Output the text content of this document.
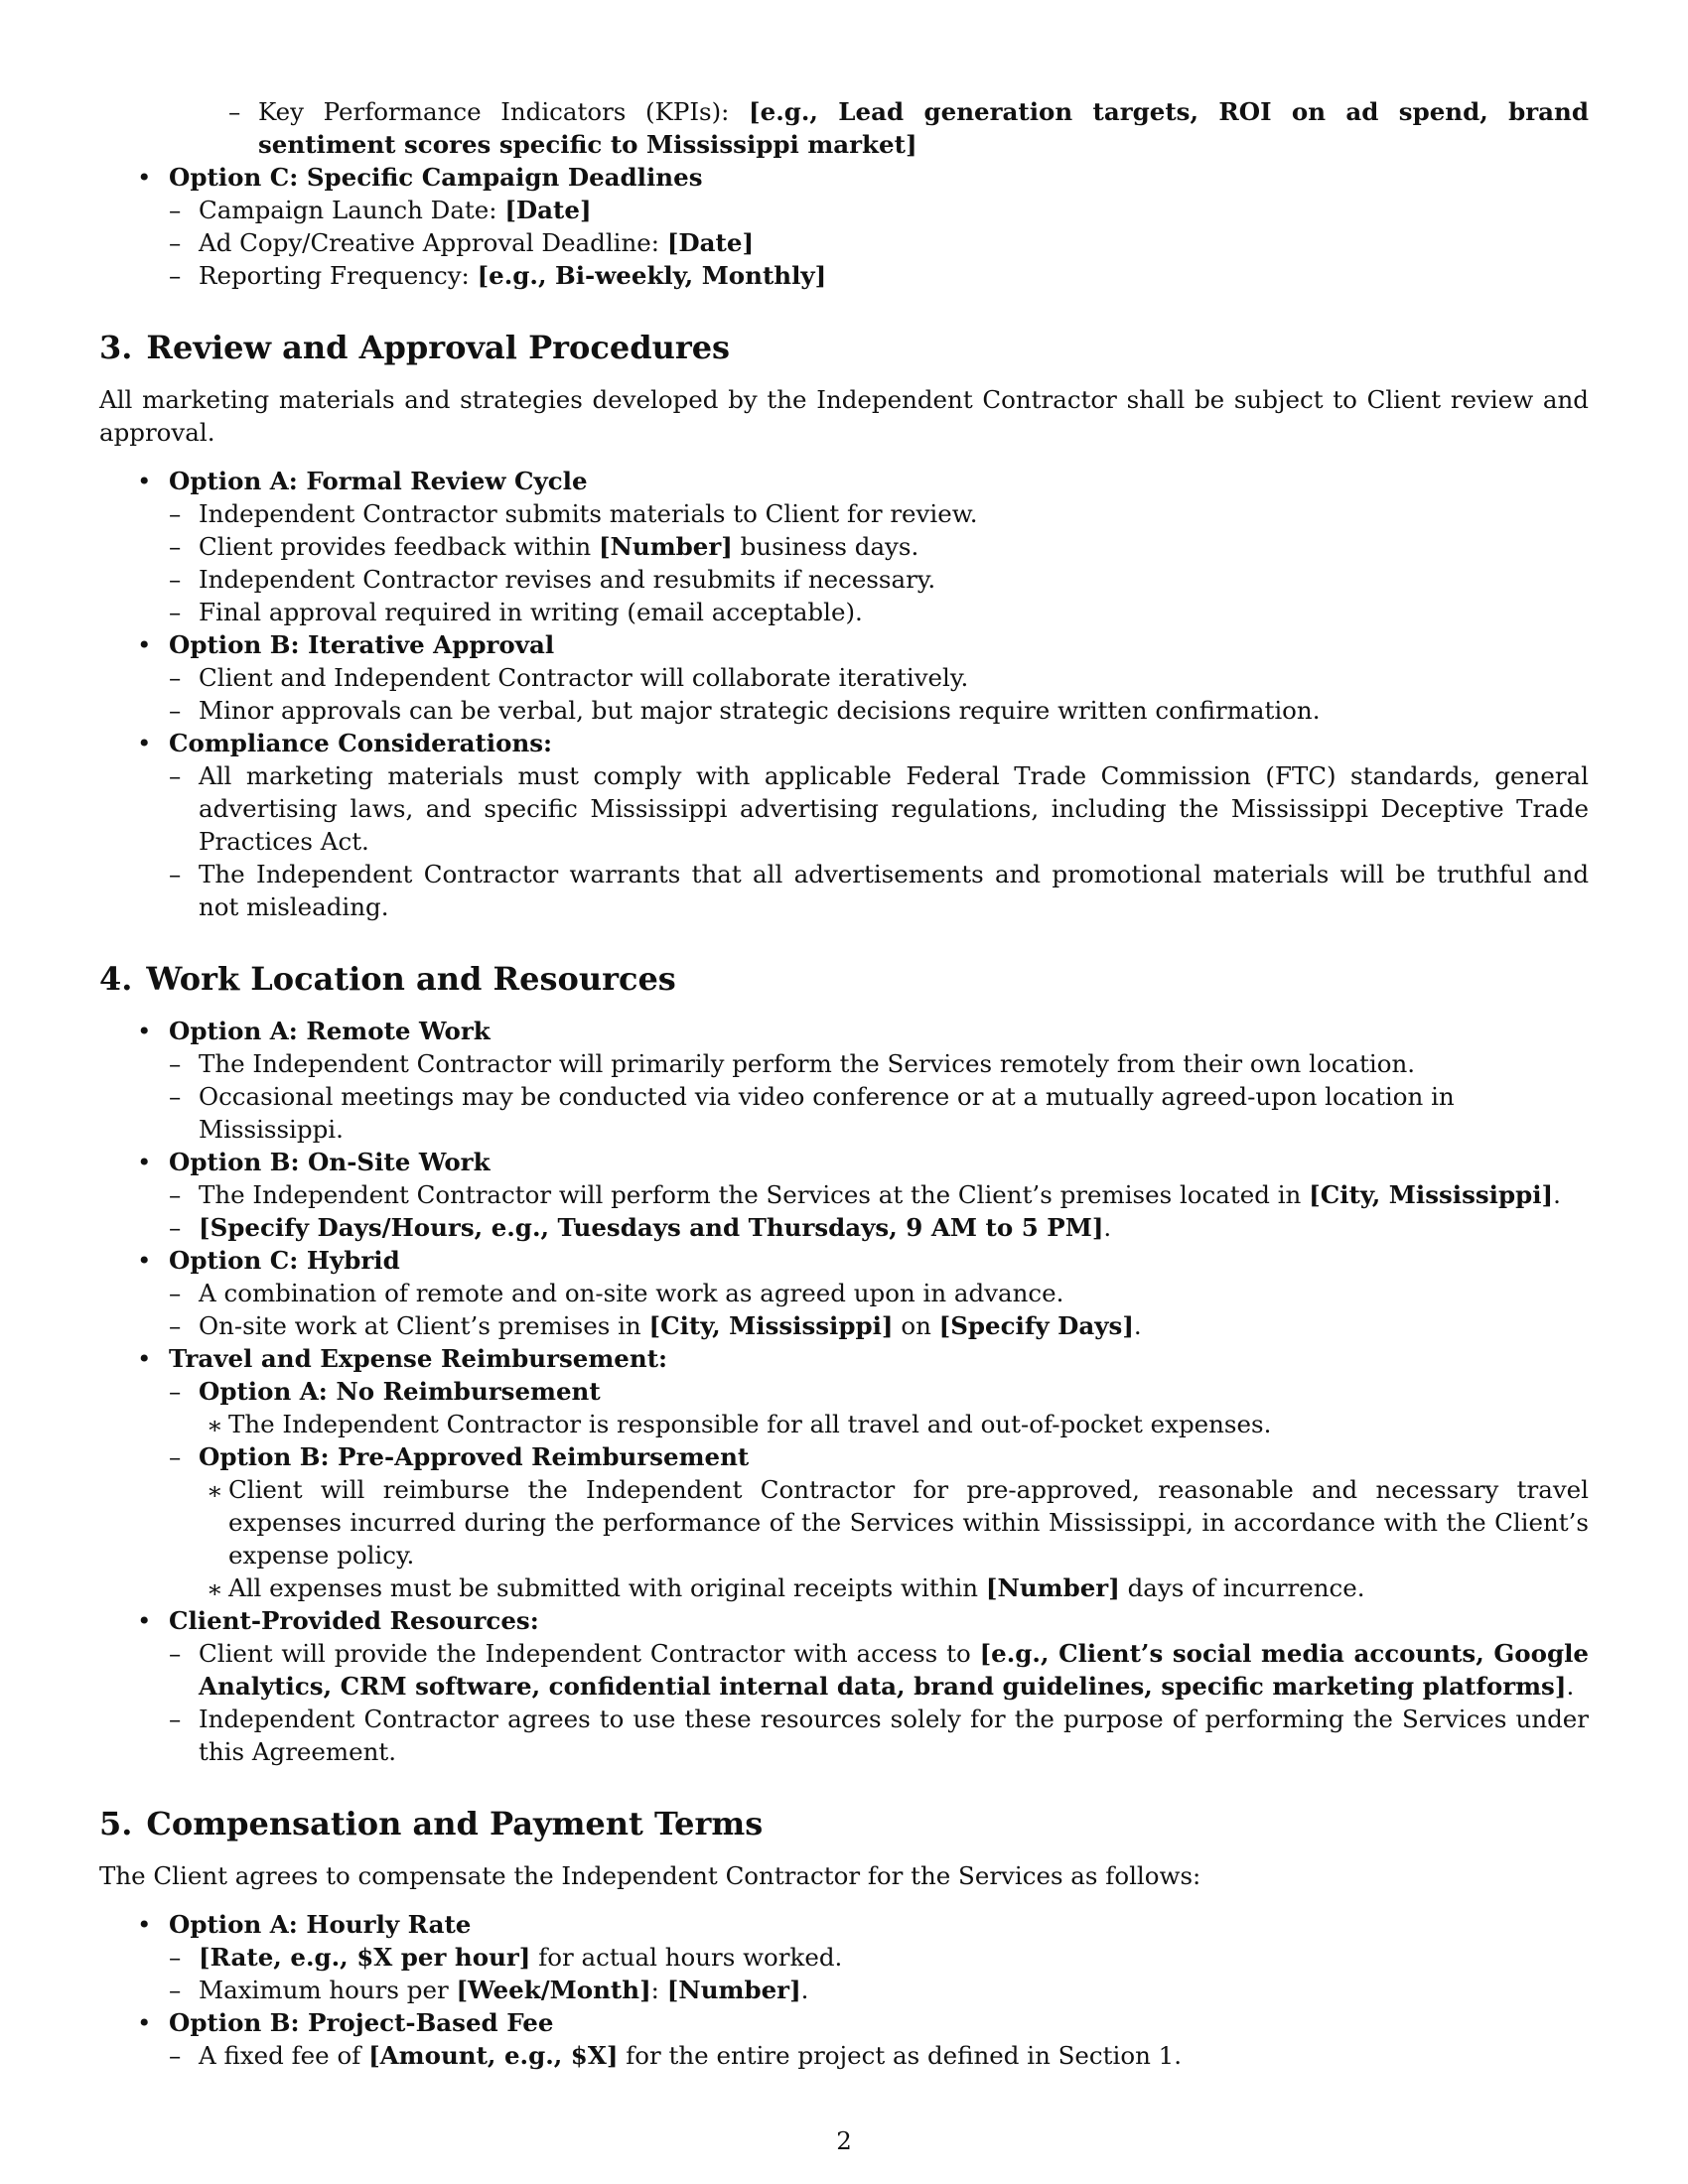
– Key Performance Indicators (KPIs): [e.g., Lead generation targets, ROI on ad spend, brand sentiment scores specific to Mississippi market]
• Option C: Specific Campaign Deadlines
– Campaign Launch Date: [Date]
– Ad Copy/Creative Approval Deadline: [Date]
– Reporting Frequency: [e.g., Bi-weekly, Monthly]
3. Review and Approval Procedures

All marketing materials and strategies developed by the Independent Contractor shall be subject to Client review and approval.

• Option A: Formal Review Cycle
– Independent Contractor submits materials to Client for review.
– Client provides feedback within [Number] business days.
– Independent Contractor revises and resubmits if necessary.
– Final approval required in writing (email acceptable).
• Option B: Iterative Approval
– Client and Independent Contractor will collaborate iteratively.
– Minor approvals can be verbal, but major strategic decisions require written confirmation.
• Compliance Considerations:
– All marketing materials must comply with applicable Federal Trade Commission (FTC) standards, general advertising laws, and specific Mississippi advertising regulations, including the Mississippi Deceptive Trade Practices Act.
– The Independent Contractor warrants that all advertisements and promotional materials will be truthful and not misleading.
4. Work Location and Resources
• Option A: Remote Work
– The Independent Contractor will primarily perform the Services remotely from their own location.
– Occasional meetings may be conducted via video conference or at a mutually agreed-upon location in Mississippi.
• Option B: On-Site Work
– The Independent Contractor will perform the Services at the Client’s premises located in [City, Mississippi].
– [Specify Days/Hours, e.g., Tuesdays and Thursdays, 9 AM to 5 PM].
• Option C: Hybrid
– A combination of remote and on-site work as agreed upon in advance.
– On-site work at Client’s premises in [City, Mississippi] on [Specify Days].
• Travel and Expense Reimbursement:
– Option A: No Reimbursement
∗ The Independent Contractor is responsible for all travel and out-of-pocket expenses.
– Option B: Pre-Approved Reimbursement
∗ Client will reimburse the Independent Contractor for pre-approved, reasonable and necessary travel expenses incurred during the performance of the Services within Mississippi, in accordance with the Client’s expense policy.
∗ All expenses must be submitted with original receipts within [Number] days of incurrence.
• Client-Provided Resources:
– Client will provide the Independent Contractor with access to [e.g., Client’s social media accounts, Google Analytics, CRM software, confidential internal data, brand guidelines, specific marketing platforms].
– Independent Contractor agrees to use these resources solely for the purpose of performing the Services under this Agreement.
5. Compensation and Payment Terms

The Client agrees to compensate the Independent Contractor for the Services as follows:

• Option A: Hourly Rate
– [Rate, e.g., $X per hour] for actual hours worked.
– Maximum hours per [Week/Month]: [Number].
• Option B: Project-Based Fee
– A fixed fee of [Amount, e.g., $X] for the entire project as defined in Section 1.
2
